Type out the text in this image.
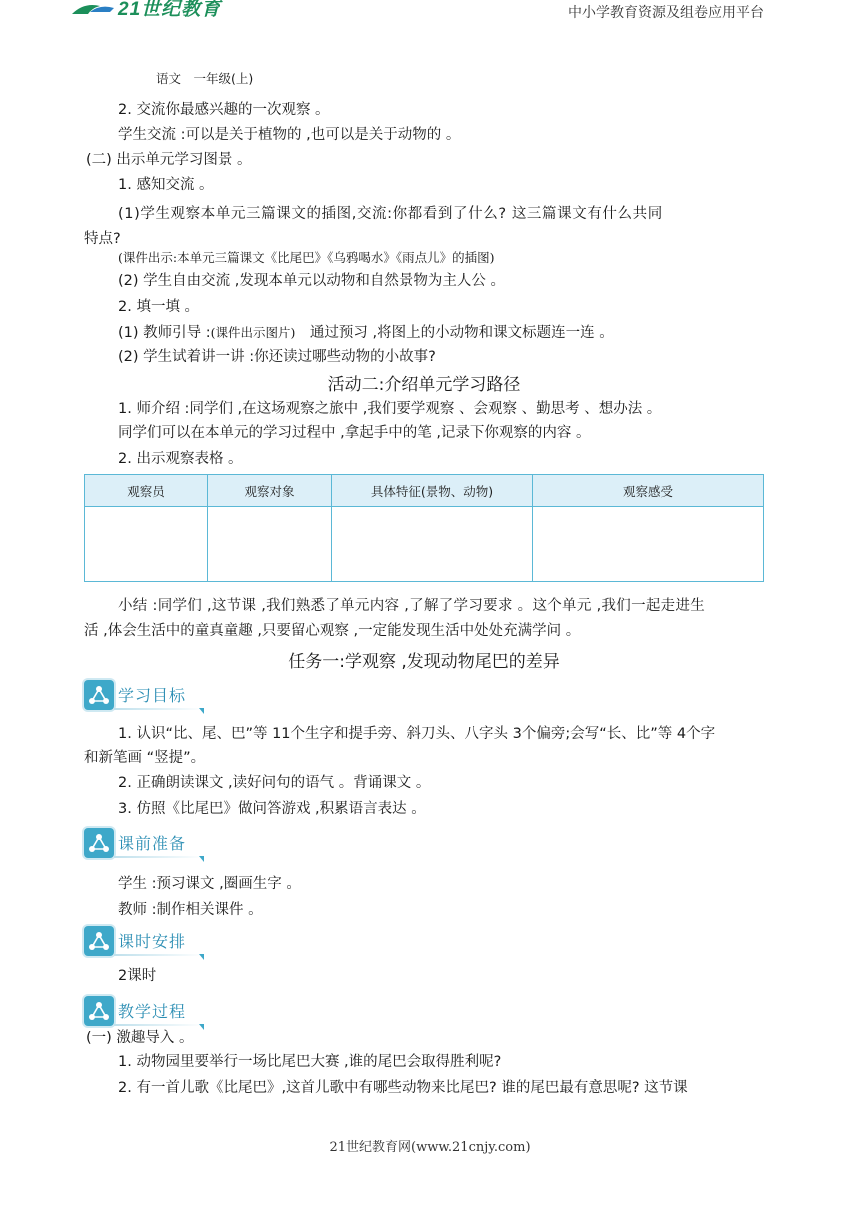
21世纪教育	中小学教育资源及组卷应用平台
语文　一年级(上)
2. 交流你最感兴趣的一次观察 。
学生交流 :可以是关于植物的 ,也可以是关于动物的 。
(二) 出示单元学习图景 。
1. 感知交流 。
(1)学生观察本单元三篇课文的插图,交流:你都看到了什么? 这三篇课文有什么共同
特点?
(课件出示:本单元三篇课文《比尾巴》《乌鸦喝水》《雨点儿》的插图)
(2) 学生自由交流 ,发现本单元以动物和自然景物为主人公 。
2. 填一填 。
(1) 教师引导 :(课件出示图片)　 通过预习 ,将图上的小动物和课文标题连一连 。
(2) 学生试着讲一讲 :你还读过哪些动物的小故事?
活动二:介绍单元学习路径
1. 师介绍 :同学们 ,在这场观察之旅中 ,我们要学观察 、会观察 、勤思考 、想办法 。
同学们可以在本单元的学习过程中 ,拿起手中的笔 ,记录下你观察的内容 。
2. 出示观察表格 。
观察员	观察对象	具体特征(景物、动物)	观察感受
小结 :同学们 ,这节课 ,我们熟悉了单元内容 ,了解了学习要求 。这个单元 ,我们一起走进生
活 ,体会生活中的童真童趣 ,只要留心观察 ,一定能发现生活中处处充满学问 。
任务一:学观察 ,发现动物尾巴的差异
学习目标
1. 认识“比、尾、巴”等 11个生字和提手旁、斜刀头、八字头 3个偏旁;会写“长、比”等 4个字
和新笔画 “竖提”。
2. 正确朗读课文 ,读好问句的语气 。背诵课文 。
3. 仿照《比尾巴》做问答游戏 ,积累语言表达 。
课前准备
学生 :预习课文 ,圈画生字 。
教师 :制作相关课件 。
课时安排
2课时
教学过程
(一) 激趣导入 。
1. 动物园里要举行一场比尾巴大赛 ,谁的尾巴会取得胜利呢?
2. 有一首儿歌《比尾巴》,这首儿歌中有哪些动物来比尾巴? 谁的尾巴最有意思呢? 这节课
21世纪教育网(www.21cnjy.com)
